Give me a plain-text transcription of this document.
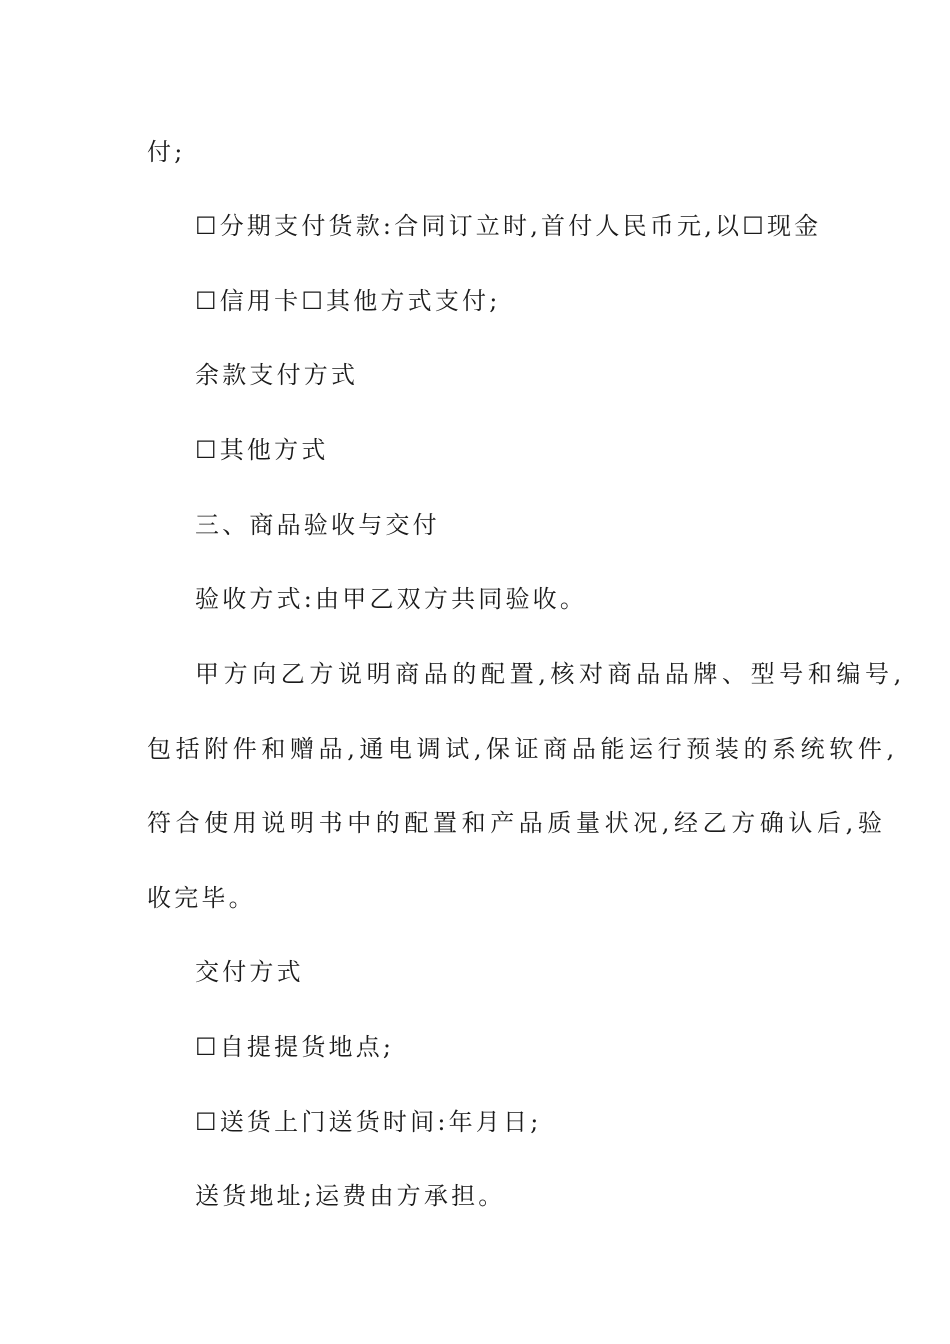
付;
☐分期支付货款:合同订立时,首付人民币元,以☐现金
☐信用卡☐其他方式支付;
余款支付方式
☐其他方式
三、商品验收与交付
验收方式:由甲乙双方共同验收。
甲方向乙方说明商品的配置,核对商品品牌、型号和编号,
包括附件和赠品,通电调试,保证商品能运行预装的系统软件,
符合使用说明书中的配置和产品质量状况,经乙方确认后,验
收完毕。
交付方式
☐自提提货地点;
☐送货上门送货时间:年月日;
送货地址;运费由方承担。
